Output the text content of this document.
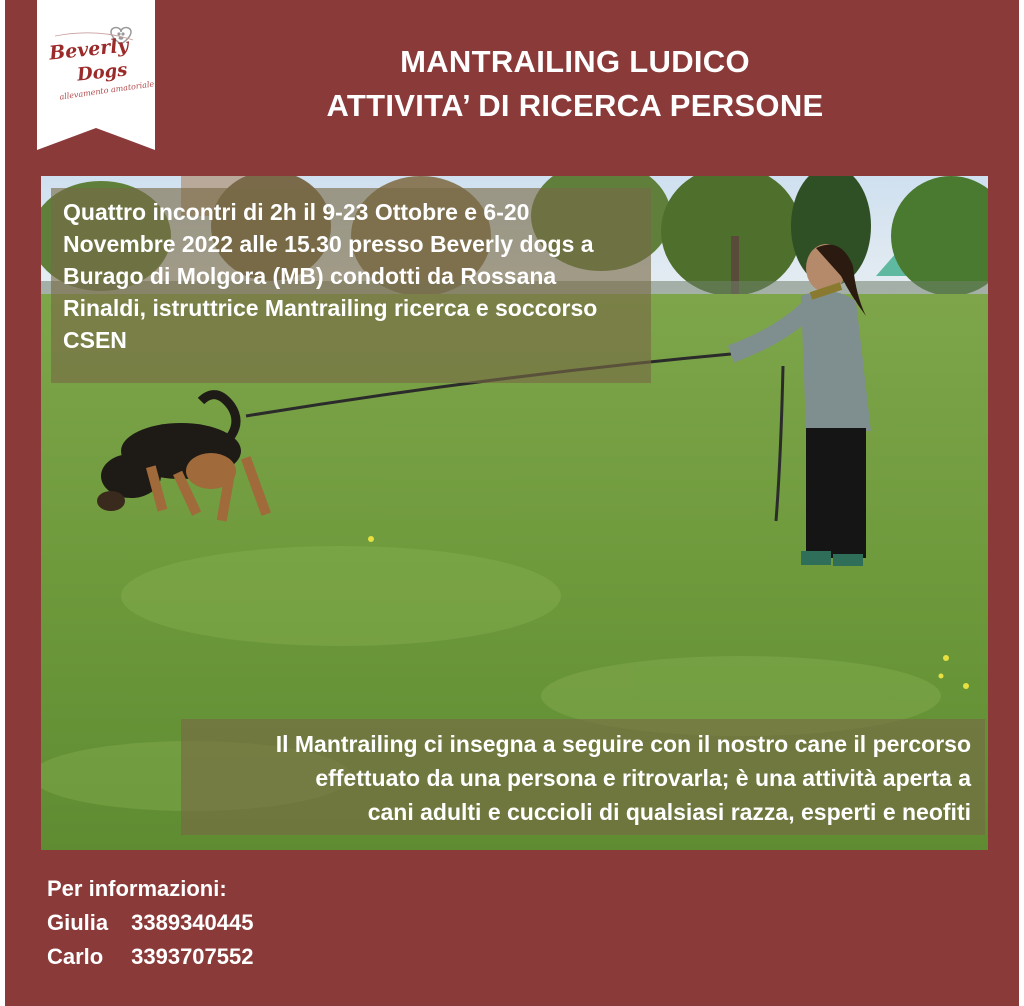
Beverly
Dogs
allevamento amatoriale
MANTRAILING LUDICO
ATTIVITA’ DI RICERCA PERSONE
Quattro incontri di 2h il 9-23 Ottobre e 6-20 Novembre 2022 alle 15.30 presso Beverly dogs a Burago di Molgora (MB) condotti da Rossana Rinaldi, istruttrice Mantrailing ricerca e soccorso CSEN
Il Mantrailing ci insegna a seguire con il nostro cane il percorso
effettuato da una persona e ritrovarla; è una attività aperta a
cani adulti e cuccioli di qualsiasi razza, esperti e neofiti
Per informazioni:
Giulia 3389340445
Carlo 3393707552
